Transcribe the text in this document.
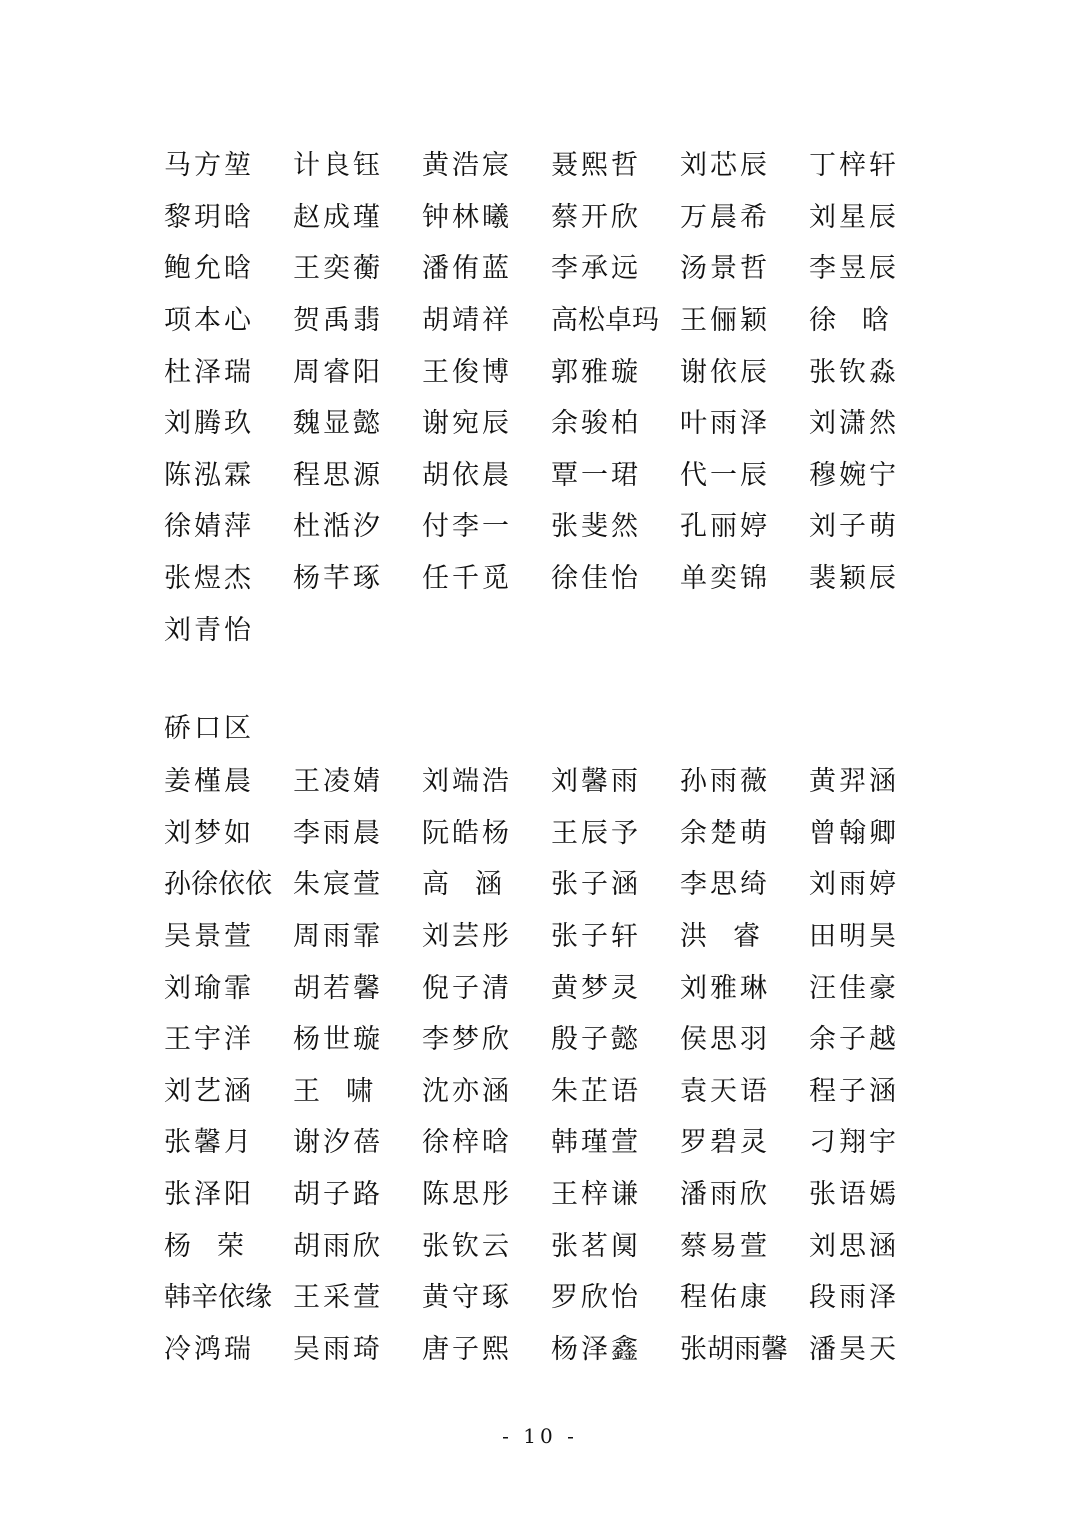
马方堃	计良钰	黄浩宸	聂熙哲	刘芯辰	丁梓轩
黎玥晗	赵成瑾	钟林曦	蔡开欣	万晨希	刘星辰
鲍允晗	王奕蘅	潘侑蓝	李承远	汤景哲	李昱辰
项本心	贺禹翡	胡靖祥	高松卓玛 王俪颖	徐晗
杜泽瑞	周睿阳	王俊博	郭雅璇	谢依辰	张钦淼
刘腾玖	魏显懿	谢宛辰	余骏柏	叶雨泽	刘潇然
陈泓霖	程思源	胡依晨	覃一珺	代一辰	穆婉宁
徐婧萍	杜湉汐	付李一	张斐然	孔丽婷	刘子萌
张煜杰	杨芊琢	任千觅	徐佳怡	单奕锦	裴颖辰
刘青怡
硚口区
姜槿晨	王凌婧	刘端浩	刘馨雨	孙雨薇	黄羿涵
刘梦如	李雨晨	阮皓杨	王辰予	余楚萌	曾翰卿
孙徐依依 朱宸萱	高涵 张子涵	李思绮	刘雨婷
吴景萱	周雨霏	刘芸彤	张子轩	洪睿 田明昊
刘瑜霏	胡若馨	倪子清	黄梦灵	刘雅琳	汪佳豪
王宇洋	杨世璇	李梦欣	殷子懿	侯思羽	余子越
刘艺涵	王啸 沈亦涵	朱芷语	袁天语	程子涵
张馨月	谢汐蓓	徐梓晗	韩瑾萱	罗碧灵	刁翔宇
张泽阳	胡子路	陈思彤	王梓谦	潘雨欣	张语嫣
杨荣 胡雨欣	张钦云	张茗阒	蔡易萱	刘思涵
韩辛依缘 王采萱	黄守琢	罗欣怡	程佑康	段雨泽
冷鸿瑞	吴雨琦	唐子熙	杨泽鑫	张胡雨馨 潘昊天
- 10 -
